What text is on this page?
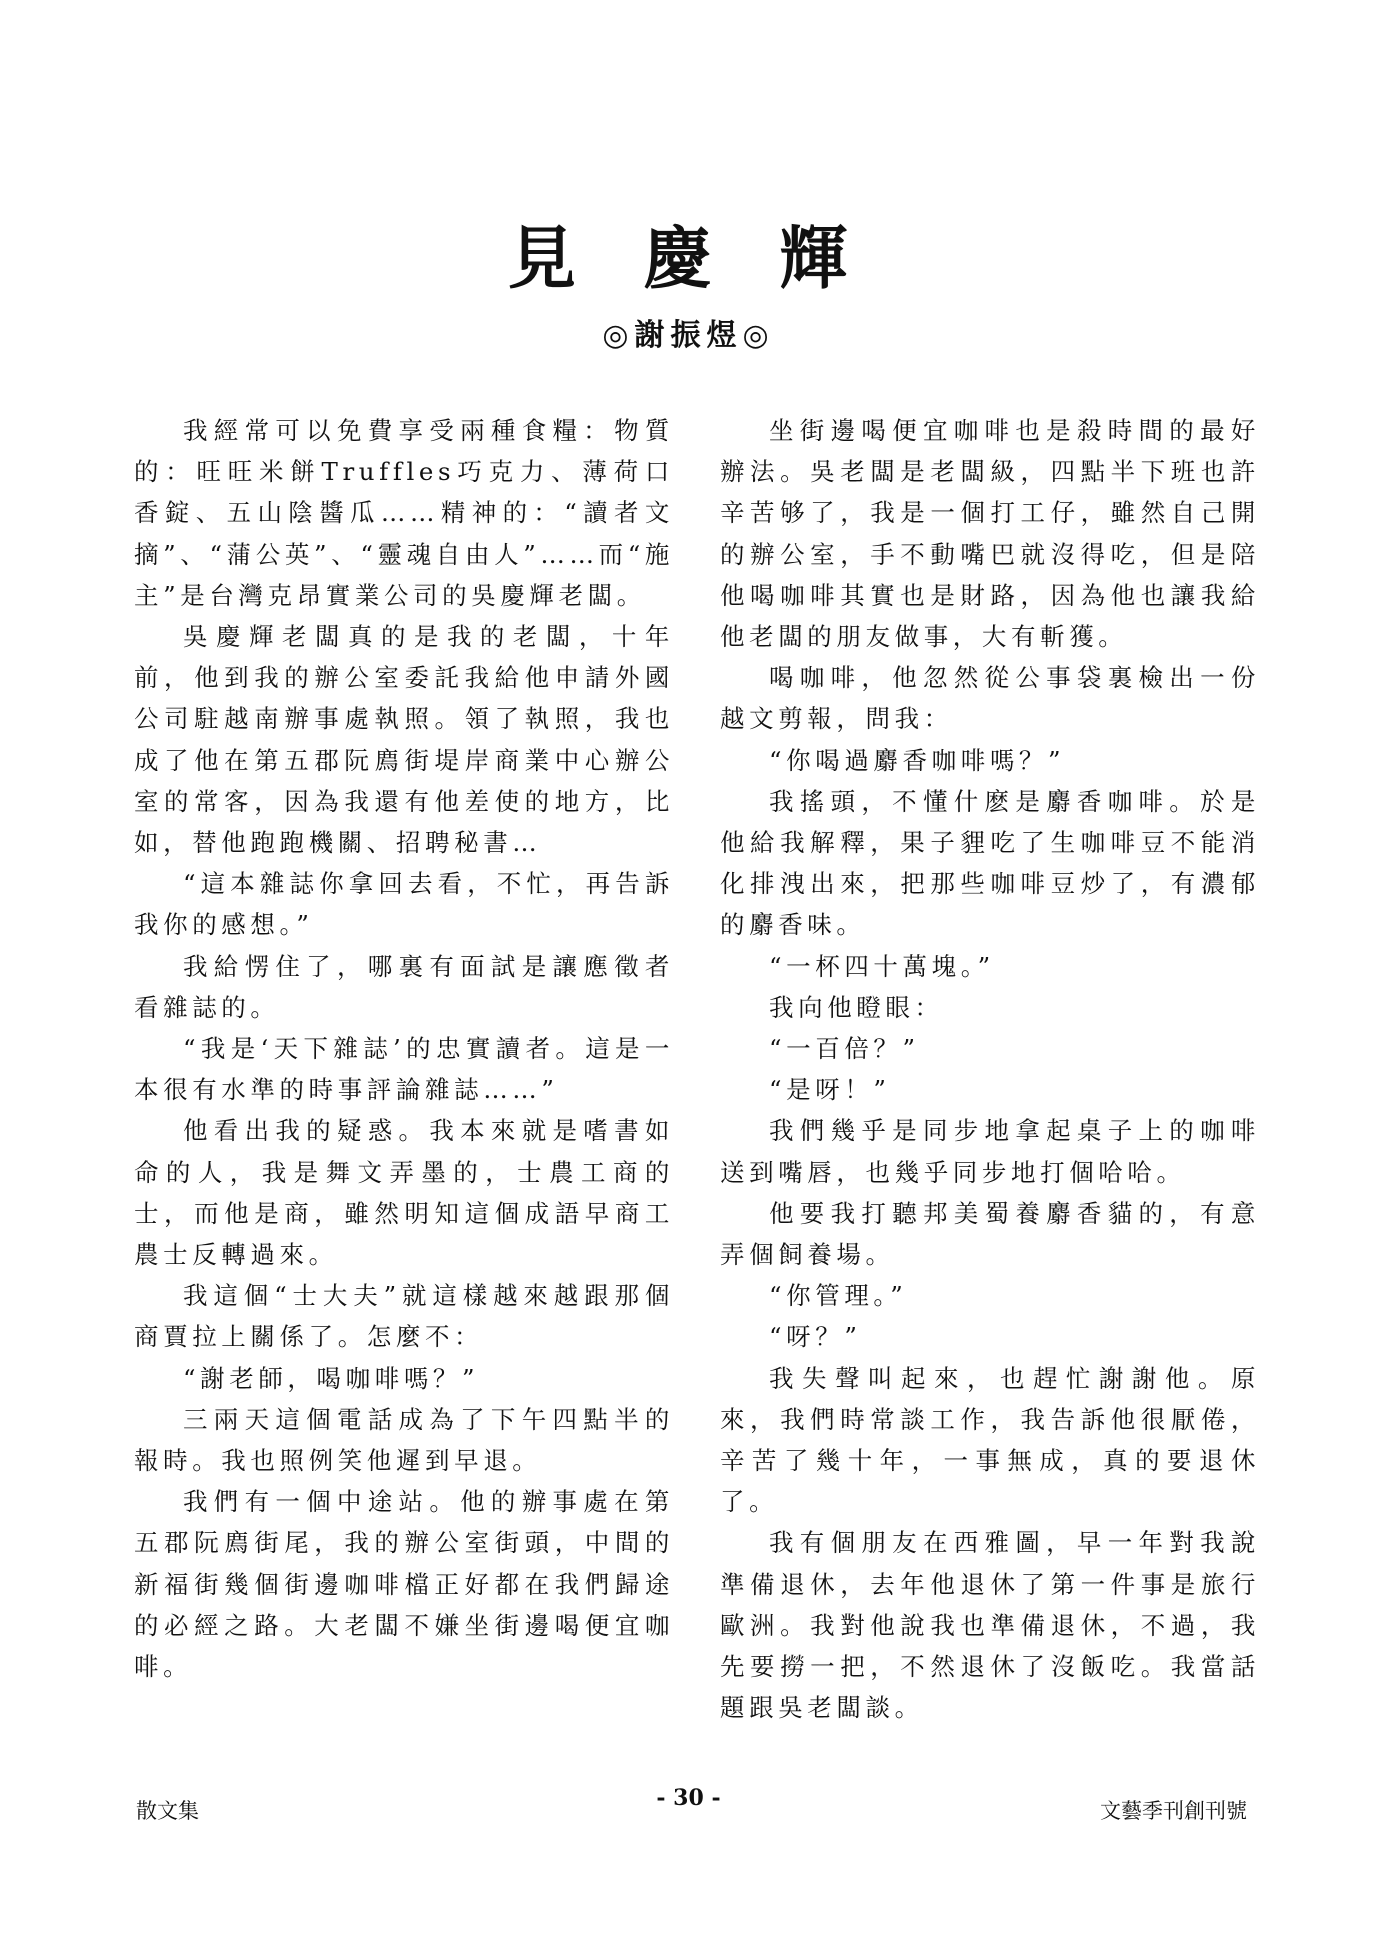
見 慶 輝
◎謝振煜◎

我經常可以免費享受兩種食糧：物質的：旺旺米餅Truffles巧克力、薄荷口香錠、五山陰醬瓜……精神的：“讀者文摘”、“蒲公英”、“靈魂自由人”……而“施主”是台灣克昂實業公司的吳慶輝老闆。

吳慶輝老闆真的是我的老闆，十年前，他到我的辦公室委託我給他申請外國公司駐越南辦事處執照。領了執照，我也成了他在第五郡阮廌街堤岸商業中心辦公室的常客，因為我還有他差使的地方，比如，替他跑跑機關、招聘秘書…

“這本雜誌你拿回去看，不忙，再告訴我你的感想。”

我給愣住了，哪裏有面試是讓應徵者看雜誌的。

“我是‘天下雜誌’的忠實讀者。這是一本很有水準的時事評論雜誌……”

他看出我的疑惑。我本來就是嗜書如命的人，我是舞文弄墨的，士農工商的士，而他是商，雖然明知這個成語早商工農士反轉過來。

我這個“士大夫”就這樣越來越跟那個商賈拉上關係了。怎麼不：

“謝老師，喝咖啡嗎？”

三兩天這個電話成為了下午四點半的報時。我也照例笑他遲到早退。

我們有一個中途站。他的辦事處在第五郡阮廌街尾，我的辦公室街頭，中間的新福街幾個街邊咖啡檔正好都在我們歸途的必經之路。大老闆不嫌坐街邊喝便宜咖啡。

坐街邊喝便宜咖啡也是殺時間的最好辦法。吳老闆是老闆級，四點半下班也許辛苦够了，我是一個打工仔，雖然自己開的辦公室，手不動嘴巴就沒得吃，但是陪他喝咖啡其實也是財路，因為他也讓我給他老闆的朋友做事，大有斬獲。

喝咖啡，他忽然從公事袋裏檢出一份越文剪報，問我：

“你喝過麝香咖啡嗎？”

我搖頭，不懂什麽是麝香咖啡。於是他給我解釋，果子貍吃了生咖啡豆不能消化排洩出來，把那些咖啡豆炒了，有濃郁的麝香味。

“一杯四十萬塊。”

我向他瞪眼：

“一百倍？”

“是呀！”

我們幾乎是同步地拿起桌子上的咖啡送到嘴唇，也幾乎同步地打個哈哈。

他要我打聽邦美蜀養麝香貓的，有意弄個飼養場。

“你管理。”

“呀？”

我失聲叫起來，也趕忙謝謝他。原來，我們時常談工作，我告訴他很厭倦，辛苦了幾十年，一事無成，真的要退休了。

我有個朋友在西雅圖，早一年對我說準備退休，去年他退休了第一件事是旅行歐洲。我對他說我也準備退休，不過，我先要撈一把，不然退休了沒飯吃。我當話題跟吳老闆談。

散文集	- 30 -	文藝季刊創刊號
